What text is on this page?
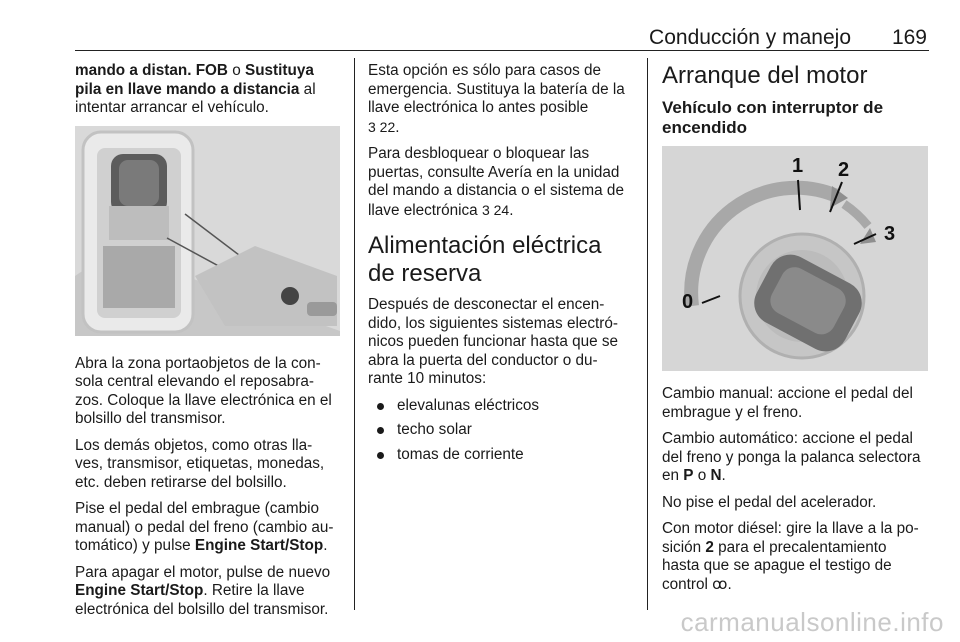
Conducción y manejo 169

mando a distan. FOB o Sustituya pila en llave mando a distancia al intentar arrancar el vehículo.

Abra la zona portaobjetos de la con- sola central elevando el reposabra- zos. Coloque la llave electrónica en el bolsillo del transmisor.

Los demás objetos, como otras lla- ves, transmisor, etiquetas, monedas, etc. deben retirarse del bolsillo.

Pise el pedal del embrague (cambio manual) o pedal del freno (cambio au- tomático) y pulse Engine Start/Stop.

Para apagar el motor, pulse de nuevo Engine Start/Stop. Retire la llave electrónica del bolsillo del transmisor.

Esta opción es sólo para casos de emergencia. Sustituya la batería de la llave electrónica lo antes posible
3 22.

Para desbloquear o bloquear las puertas, consulte Avería en la unidad del mando a distancia o el sistema de llave electrónica 3 24.

Alimentación eléctrica de reserva

Después de desconectar el encen- dido, los siguientes sistemas electró- nicos pueden funcionar hasta que se abra la puerta del conductor o du- rante 10 minutos:

elevalunas eléctricos
techo solar
tomas de corriente
Arranque del motor
Vehículo con interruptor de encendido
0
1 2
3

Cambio manual: accione el pedal del embrague y el freno.

Cambio automático: accione el pedal del freno y ponga la palanca selectora en P o N.

No pise el pedal del acelerador.

Con motor diésel: gire la llave a la po- sición 2 para el precalentamiento hasta que se apague el testigo de control ꝏ.

carmanualsonline.info
